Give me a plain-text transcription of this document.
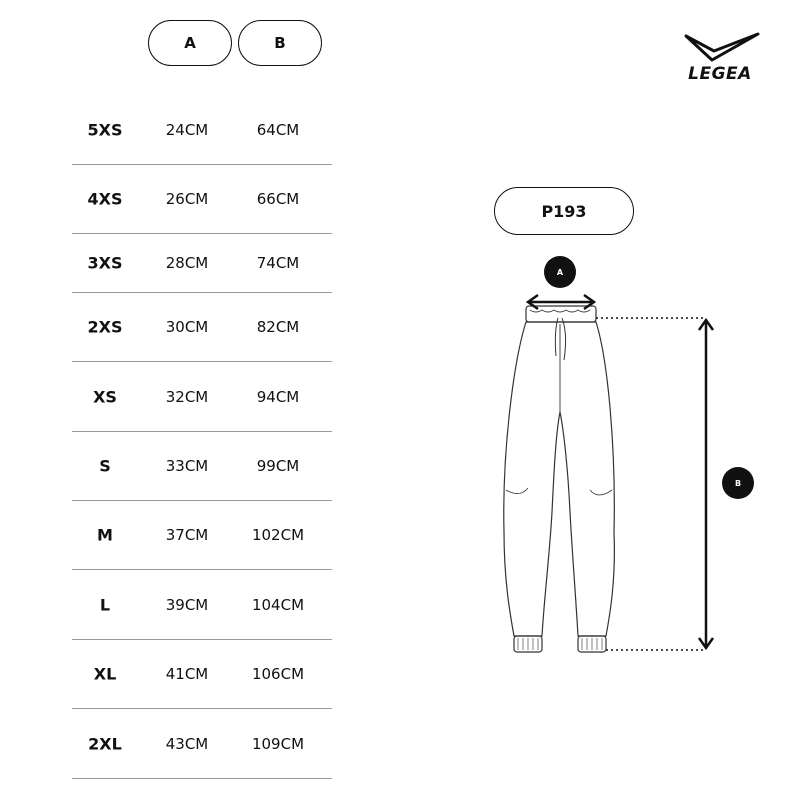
A	B
5XS	24CM	64CM
4XS	26CM	66CM
3XS	28CM	74CM
2XS	30CM	82CM
XS	32CM	94CM
S	33CM	99CM
M	37CM	102CM
L	39CM	104CM
XL	41CM	106CM
2XL	43CM	109CM
LEGEA
P193
A
B
